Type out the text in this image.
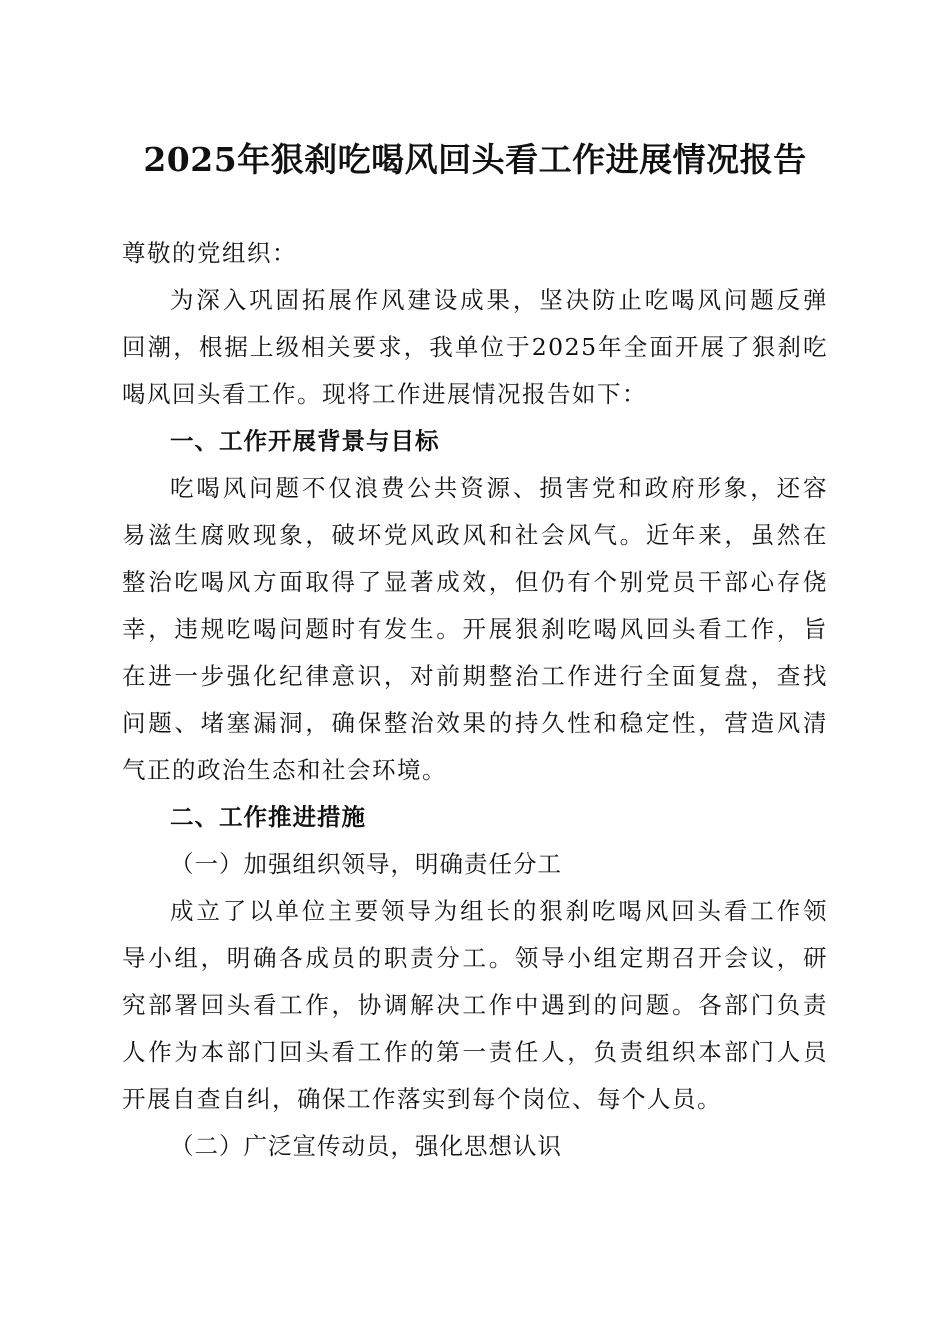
2025年狠刹吃喝风回头看工作进展情况报告

尊敬的党组织：

为深入巩固拓展作风建设成果，坚决防止吃喝风问题反弹

回潮，根据上级相关要求，我单位于2025年全面开展了狠刹吃

喝风回头看工作。现将工作进展情况报告如下：

一、工作开展背景与目标

吃喝风问题不仅浪费公共资源、损害党和政府形象，还容

易滋生腐败现象，破坏党风政风和社会风气。近年来，虽然在

整治吃喝风方面取得了显著成效，但仍有个别党员干部心存侥

幸，违规吃喝问题时有发生。开展狠刹吃喝风回头看工作，旨

在进一步强化纪律意识，对前期整治工作进行全面复盘，查找

问题、堵塞漏洞，确保整治效果的持久性和稳定性，营造风清

气正的政治生态和社会环境。

二、工作推进措施

（一）加强组织领导，明确责任分工

成立了以单位主要领导为组长的狠刹吃喝风回头看工作领

导小组，明确各成员的职责分工。领导小组定期召开会议，研

究部署回头看工作，协调解决工作中遇到的问题。各部门负责

人作为本部门回头看工作的第一责任人，负责组织本部门人员

开展自查自纠，确保工作落实到每个岗位、每个人员。

（二）广泛宣传动员，强化思想认识
